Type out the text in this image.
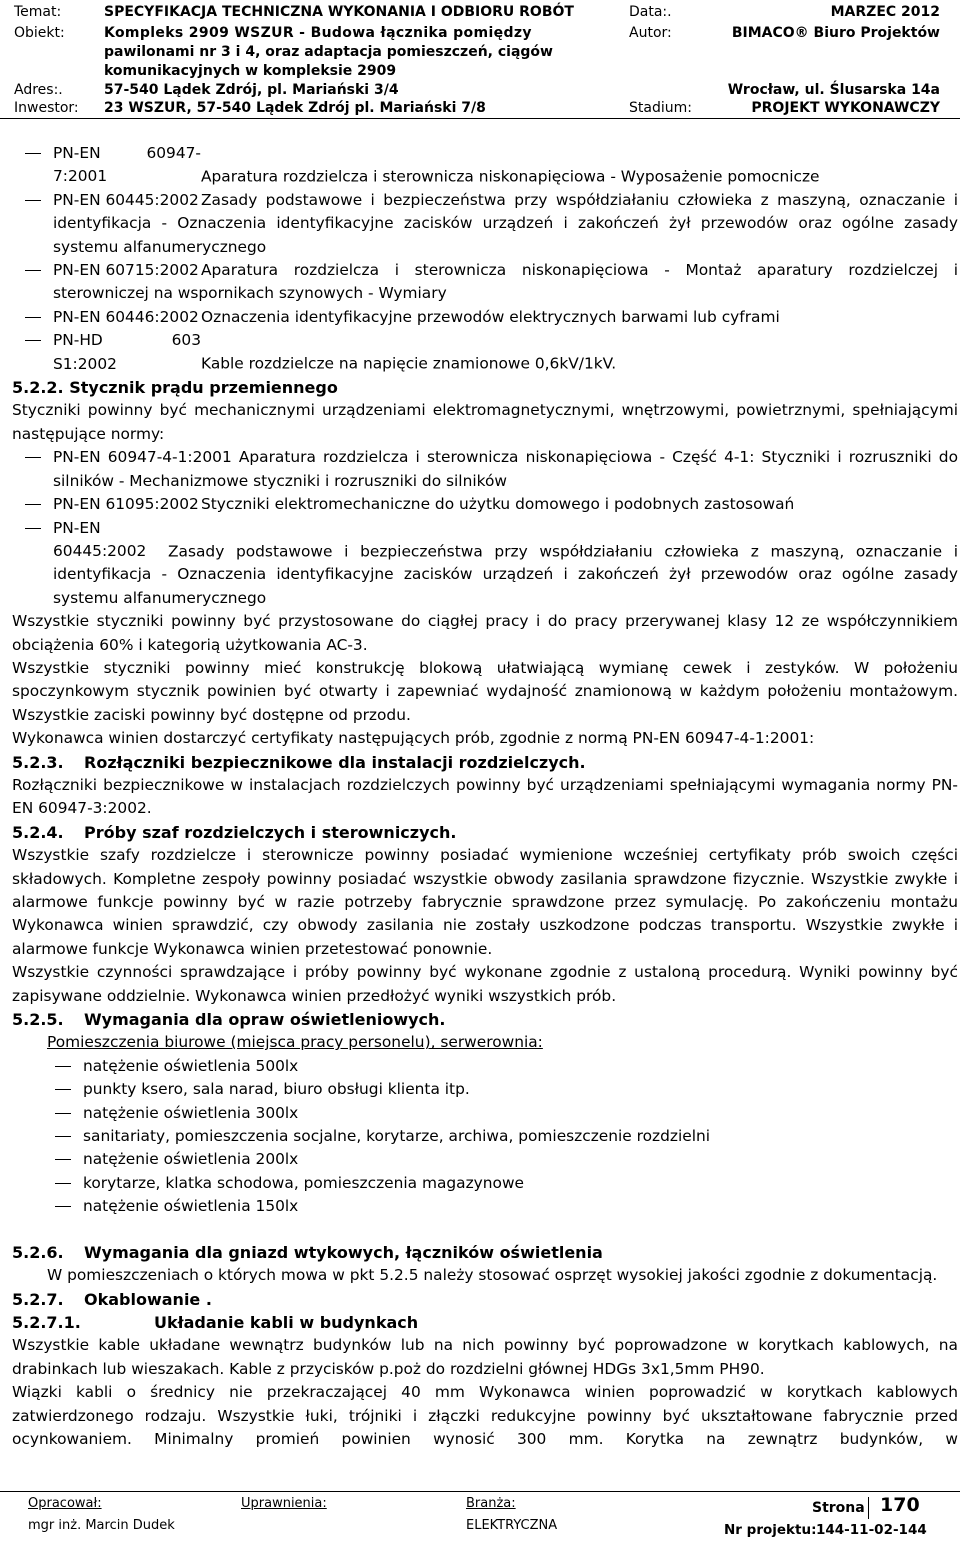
Temat:	SPECYFIKACJA TECHNICZNA WYKONANIA I ODBIORU ROBÓT
Obiekt:	Kompleks 2909 WSZUR - Budowa łącznika pomiędzy
pawilonami nr 3 i 4, oraz adaptacja pomieszczeń, ciągów
komunikacyjnych w kompleksie 2909
Adres:.	57-540 Lądek Zdrój, pl. Mariański 3/4
Inwestor: 23 WSZUR, 57-540 Lądek Zdrój pl. Mariański 7/8
Data:.	MARZEC 2012
Autor:	BIMACO® Biuro Projektów
Wrocław, ul. Ślusarska 14a
Stadium:	PROJEKT WYKONAWCZY

PN-EN 60947-7:2001	Aparatura rozdzielcza i sterownicza niskonapięciowa - Wyposażenie pomocnicze

PN-EN 60445:2002 Zasady podstawowe i bezpieczeństwa przy współdziałaniu człowieka z maszyną, oznaczanie i identyfikacja - Oznaczenia identyfikacyjne zacisków urządzeń i zakończeń żył przewodów oraz ogólne zasady systemu alfanumerycznego

PN-EN 60715:2002 Aparatura rozdzielcza i sterownicza niskonapięciowa - Montaż aparatury rozdzielczej i sterowniczej na wspornikach szynowych - Wymiary

PN-EN 60446:2002 Oznaczenia identyfikacyjne przewodów elektrycznych barwami lub cyframi

PN-HD 603 S1:2002	Kable rozdzielcze na napięcie znamionowe 0,6kV/1kV.

5.2.2. Stycznik prądu przemiennego

Styczniki powinny być mechanicznymi urządzeniami elektromagnetycznymi, wnętrzowymi, powietrznymi, spełniającymi następujące normy:

PN-EN 60947-4-1:2001 Aparatura rozdzielcza i sterownicza niskonapięciowa - Część 4-1: Styczniki i rozruszniki do silników - Mechanizmowe styczniki i rozruszniki do silników

PN-EN 61095:2002 Styczniki elektromechaniczne do użytku domowego i podobnych zastosowań

PN-EN 60445:2002 Zasady podstawowe i bezpieczeństwa przy współdziałaniu człowieka z maszyną, oznaczanie i identyfikacja - Oznaczenia identyfikacyjne zacisków urządzeń i zakończeń żył przewodów oraz ogólne zasady systemu alfanumerycznego

Wszystkie styczniki powinny być przystosowane do ciągłej pracy i do pracy przerywanej klasy 12 ze współczynnikiem obciążenia 60% i kategorią użytkowania AC-3.

Wszystkie styczniki powinny mieć konstrukcję blokową ułatwiającą wymianę cewek i zestyków. W położeniu spoczynkowym stycznik powinien być otwarty i zapewniać wydajność znamionową w każdym położeniu montażowym. Wszystkie zaciski powinny być dostępne od przodu.

Wykonawca winien dostarczyć certyfikaty następujących prób, zgodnie z normą PN-EN 60947-4-1:2001:

5.2.3. Rozłączniki bezpiecznikowe dla instalacji rozdzielczych.

Rozłączniki bezpiecznikowe w instalacjach rozdzielczych powinny być urządzeniami spełniającymi wymagania normy PN-EN 60947-3:2002.

5.2.4. Próby szaf rozdzielczych i sterowniczych.

Wszystkie szafy rozdzielcze i sterownicze powinny posiadać wymienione wcześniej certyfikaty prób swoich części składowych. Kompletne zespoły powinny posiadać wszystkie obwody zasilania sprawdzone fizycznie. Wszystkie zwykłe i alarmowe funkcje powinny być w razie potrzeby fabrycznie sprawdzone przez symulację. Po zakończeniu montażu Wykonawca winien sprawdzić, czy obwody zasilania nie zostały uszkodzone podczas transportu. Wszystkie zwykłe i alarmowe funkcje Wykonawca winien przetestować ponownie.

Wszystkie czynności sprawdzające i próby powinny być wykonane zgodnie z ustaloną procedurą. Wyniki powinny być zapisywane oddzielnie. Wykonawca winien przedłożyć wyniki wszystkich prób.

5.2.5. Wymagania dla opraw oświetleniowych.

Pomieszczenia biurowe (miejsca pracy personelu), serwerownia:

natężenie oświetlenia 500lx

punkty ksero, sala narad, biuro obsługi klienta itp.

natężenie oświetlenia 300lx

sanitariaty, pomieszczenia socjalne, korytarze, archiwa, pomieszczenie rozdzielni

natężenie oświetlenia 200lx

korytarze, klatka schodowa, pomieszczenia magazynowe

natężenie oświetlenia 150lx

5.2.6. Wymagania dla gniazd wtykowych, łączników oświetlenia

W pomieszczeniach o których mowa w pkt 5.2.5 należy stosować osprzęt wysokiej jakości zgodnie z dokumentacją.

5.2.7. Okablowanie .

5.2.7.1.	Układanie kabli w budynkach

Wszystkie kable układane wewnątrz budynków lub na nich powinny być poprowadzone w korytkach kablowych, na drabinkach lub wieszakach. Kable z przycisków p.poż do rozdzielni głównej HDGs 3x1,5mm PH90.

Wiązki kabli o średnicy nie przekraczającej 40 mm Wykonawca winien poprowadzić w korytkach kablowych zatwierdzonego rodzaju. Wszystkie łuki, trójniki i złączki redukcyjne powinny być ukształtowane fabrycznie przed ocynkowaniem. Minimalny promień powinien wynosić 300 mm. Korytka na zewnątrz budynków, w

Opracował:
mgr inż. Marcin Dudek
Uprawnienia:	Branża:
ELEKTRYCZNA
Strona 170
Nr projektu: 144-11-02-144
